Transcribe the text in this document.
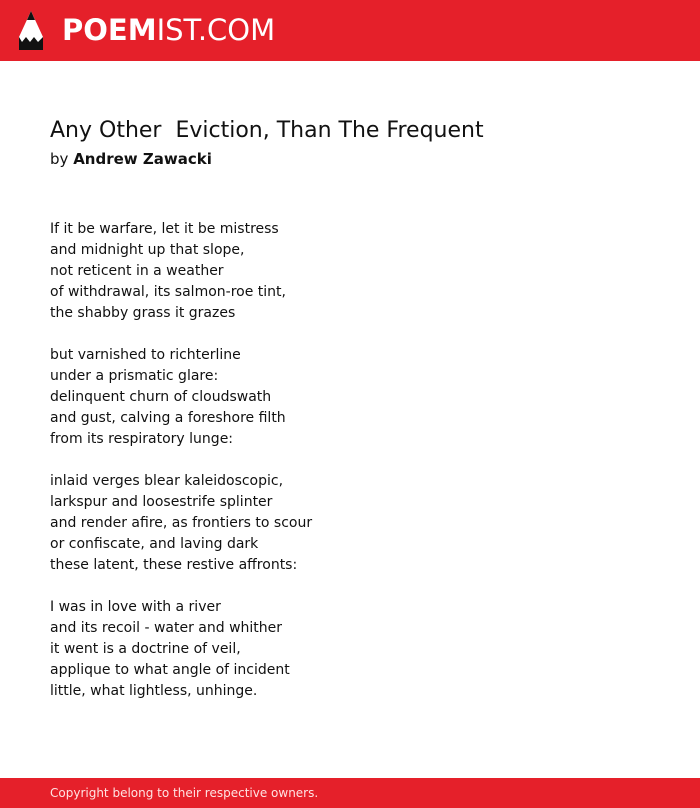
POEMIST.COM
Any Other  Eviction, Than The Frequent
by Andrew Zawacki
If it be warfare, let it be mistress
and midnight up that slope,
not reticent in a weather
of withdrawal, its salmon-roe tint,
the shabby grass it grazes
but varnished to richterline
under a prismatic glare:
delinquent churn of cloudswath
and gust, calving a foreshore filth
from its respiratory lunge:
inlaid verges blear kaleidoscopic,
larkspur and loosestrife splinter
and render afire, as frontiers to scour
or confiscate, and laving dark
these latent, these restive affronts:
I was in love with a river
and its recoil - water and whither
it went is a doctrine of veil,
applique to what angle of incident
little, what lightless, unhinge.
Copyright belong to their respective owners.
